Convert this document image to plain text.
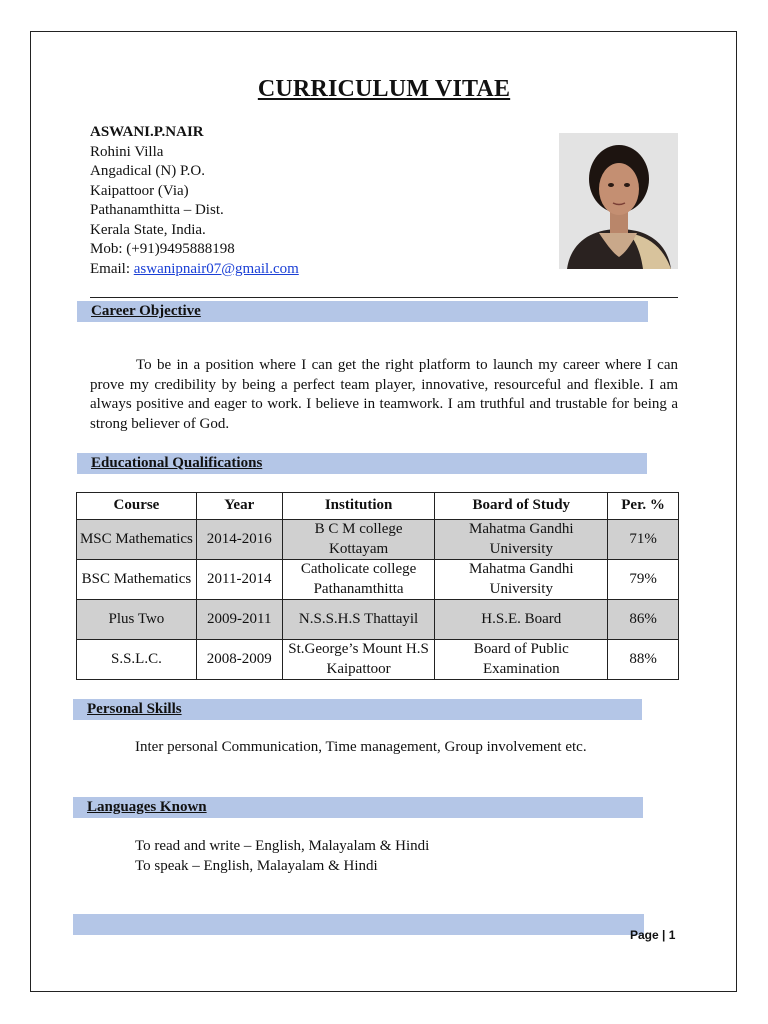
CURRICULUM VITAE
ASWANI.P.NAIR
Rohini Villa
Angadical (N) P.O.
Kaipattoor (Via)
Pathanamthitta – Dist.
Kerala State, India.
Mob: (+91)9495888198
Email: aswanipnair07@gmail.com
Career Objective
To be in a position where I can get the right platform to launch my career where I can prove my credibility by being a perfect team player, innovative, resourceful and flexible. I am always positive and eager to work. I believe in teamwork. I am truthful and trustable for being a strong believer of God.
Educational Qualifications
Course	Year	Institution	Board of Study	Per. %
MSC Mathematics	2014-2016	B C M college Kottayam	Mahatma Gandhi University	71%
BSC Mathematics	2011-2014	Catholicate college Pathanamthitta	Mahatma Gandhi University	79%
Plus Two	2009-2011	N.S.S.H.S Thattayil	H.S.E. Board	86%
S.S.L.C.	2008-2009	St.George’s Mount H.S Kaipattoor	Board of Public Examination	88%
Personal Skills
Inter personal Communication, Time management, Group involvement etc.
Languages Known
To read and write – English, Malayalam & Hindi
To speak – English, Malayalam & Hindi
Page | 1
